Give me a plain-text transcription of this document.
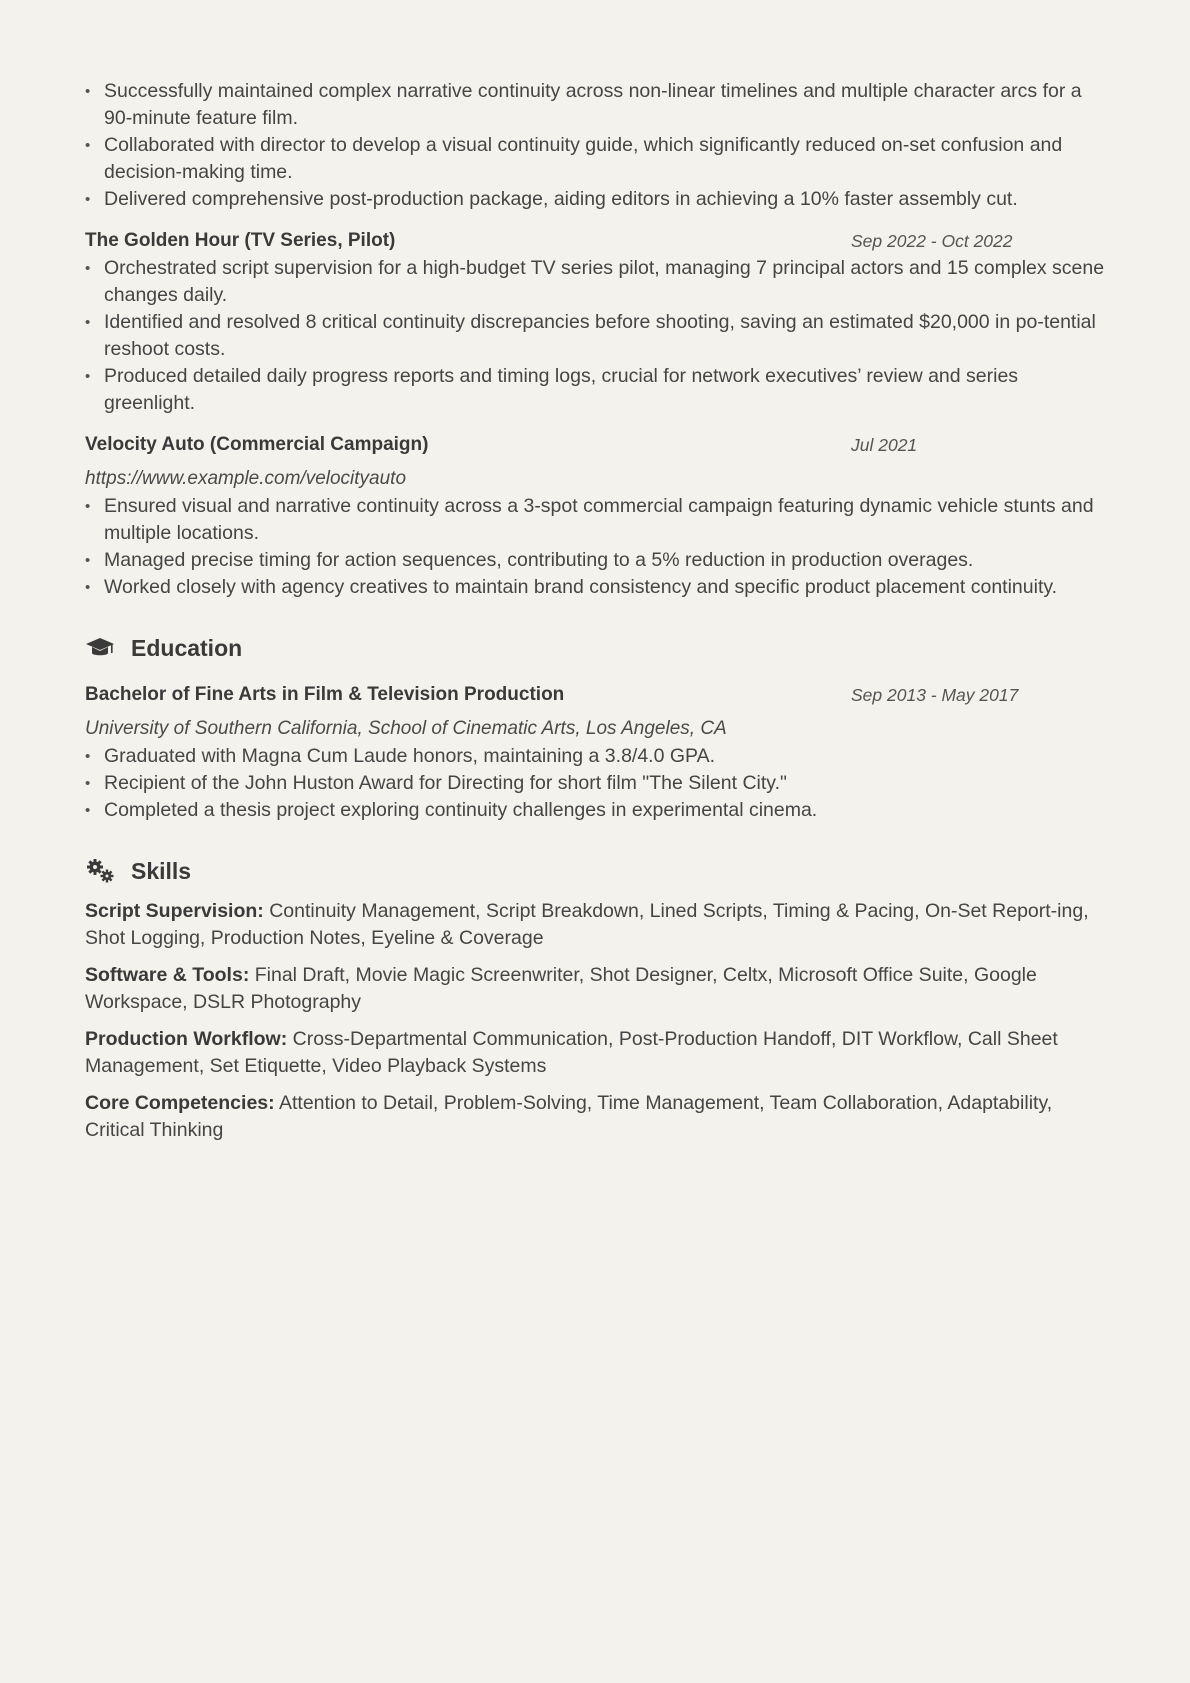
• Successfully maintained complex narrative continuity across non-linear timelines and multiple character arcs for a 90-minute feature film.
• Collaborated with director to develop a visual continuity guide, which significantly reduced on-set confusion and decision-making time.
• Delivered comprehensive post-production package, aiding editors in achieving a 10% faster assembly cut.
The Golden Hour (TV Series, Pilot)	Sep 2022 - Oct 2022
• Orchestrated script supervision for a high-budget TV series pilot, managing 7 principal actors and 15 complex scene changes daily.
• Identified and resolved 8 critical continuity discrepancies before shooting, saving an estimated $20,000 in po-tential reshoot costs.
• Produced detailed daily progress reports and timing logs, crucial for network executives’ review and series greenlight.
Velocity Auto (Commercial Campaign)	Jul 2021
https://www.example.com/velocityauto
• Ensured visual and narrative continuity across a 3-spot commercial campaign featuring dynamic vehicle stunts and multiple locations.
• Managed precise timing for action sequences, contributing to a 5% reduction in production overages.
• Worked closely with agency creatives to maintain brand consistency and specific product placement continuity.
Education
Bachelor of Fine Arts in Film & Television Production	Sep 2013 - May 2017
University of Southern California, School of Cinematic Arts, Los Angeles, CA
• Graduated with Magna Cum Laude honors, maintaining a 3.8/4.0 GPA.
• Recipient of the John Huston Award for Directing for short film "The Silent City."
• Completed a thesis project exploring continuity challenges in experimental cinema.
Skills
Script Supervision: Continuity Management, Script Breakdown, Lined Scripts, Timing & Pacing, On-Set Report-ing, Shot Logging, Production Notes, Eyeline & Coverage
Software & Tools: Final Draft, Movie Magic Screenwriter, Shot Designer, Celtx, Microsoft Office Suite, Google Workspace, DSLR Photography
Production Workflow: Cross-Departmental Communication, Post-Production Handoff, DIT Workflow, Call Sheet Management, Set Etiquette, Video Playback Systems
Core Competencies: Attention to Detail, Problem-Solving, Time Management, Team Collaboration, Adaptability, Critical Thinking
